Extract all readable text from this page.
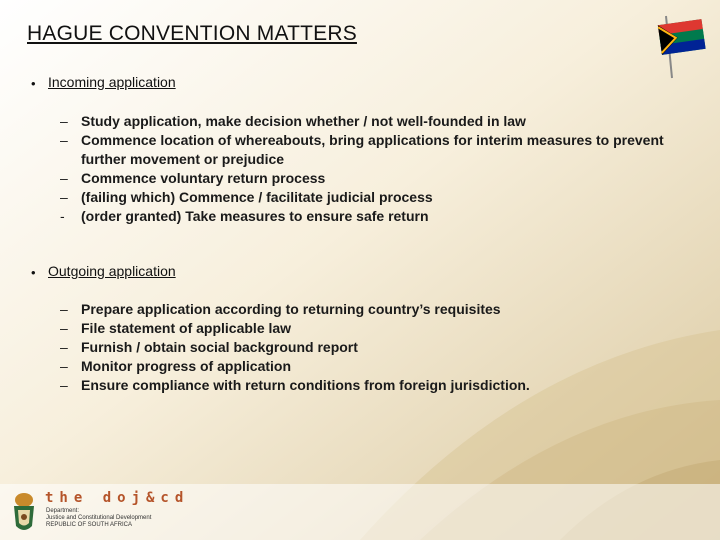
HAGUE CONVENTION MATTERS
• Incoming application
– Study application, make decision whether / not well-founded in law
– Commence location of whereabouts, bring applications for interim measures to prevent further movement or prejudice
– Commence voluntary return process
– (failing which) Commence / facilitate judicial process
- (order granted) Take measures to ensure safe return
• Outgoing application
– Prepare application according to returning country’s requisites
– File statement of applicable law
– Furnish / obtain social background report
– Monitor progress of application
– Ensure compliance with return conditions from foreign jurisdiction.
the doj&cd
Department:
Justice and Constitutional Development
REPUBLIC OF SOUTH AFRICA
